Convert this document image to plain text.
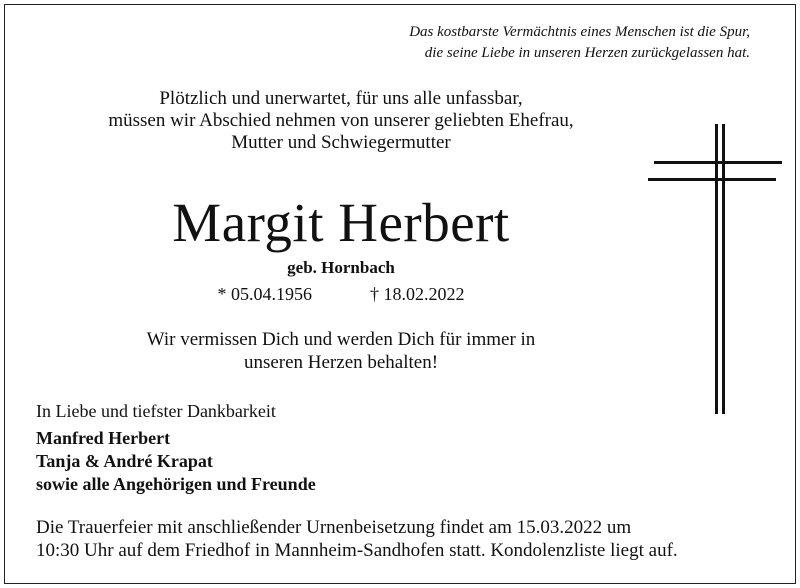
Das kostbarste Vermächtnis eines Menschen ist die Spur,
die seine Liebe in unseren Herzen zurückgelassen hat.
Plötzlich und unerwartet, für uns alle unfassbar,
müssen wir Abschied nehmen von unserer geliebten Ehefrau,
Mutter und Schwiegermutter
Margit Herbert
geb. Hornbach
* 05.04.1956	† 18.02.2022
Wir vermissen Dich und werden Dich für immer in
unseren Herzen behalten!
In Liebe und tiefster Dankbarkeit
Manfred Herbert
Tanja & André Krapat
sowie alle Angehörigen und Freunde
Die Trauerfeier mit anschließender Urnenbeisetzung findet am 15.03.2022 um
10:30 Uhr auf dem Friedhof in Mannheim-Sandhofen statt. Kondolenzliste liegt auf.
